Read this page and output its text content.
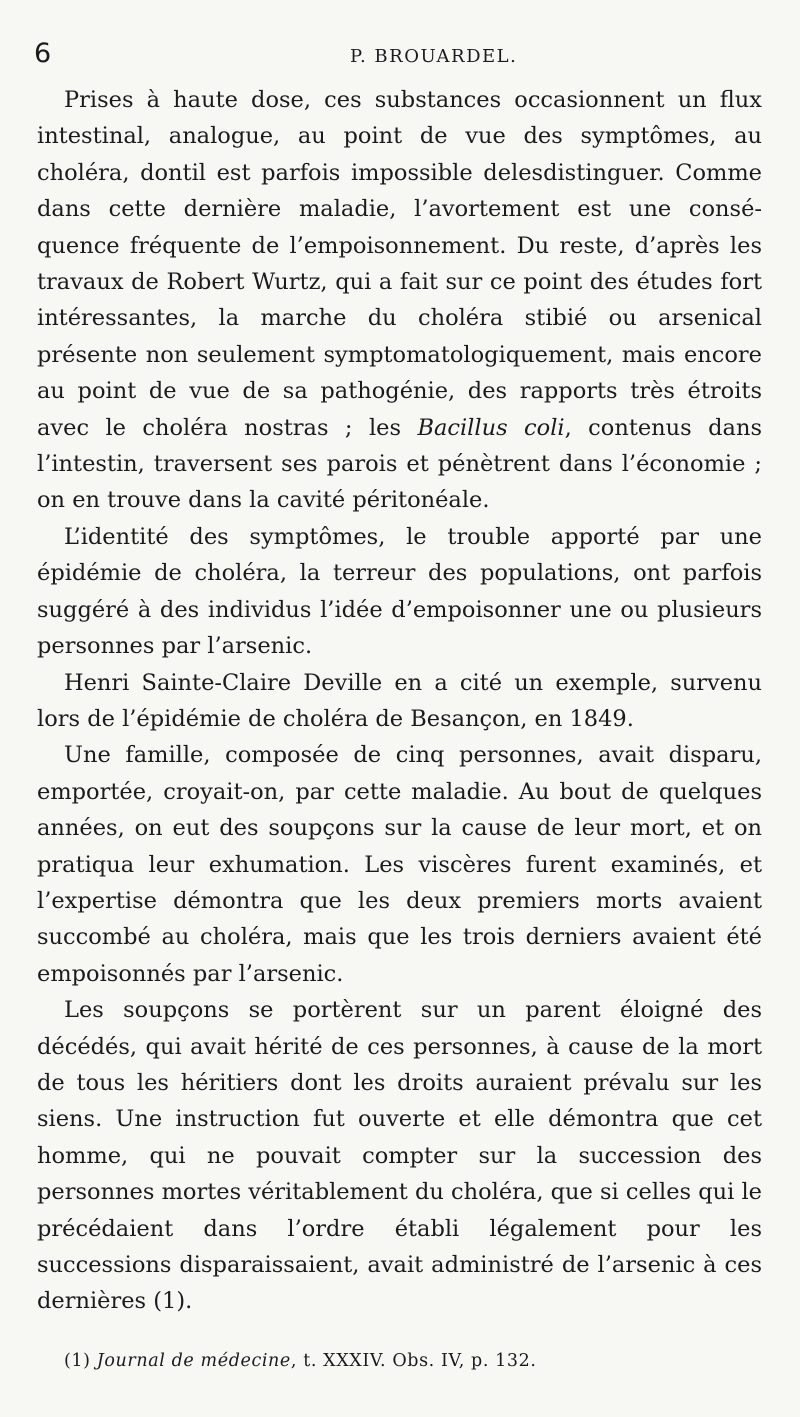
6	P. BROUARDEL.

Prises à haute dose, ces substances occasionnent un flux intestinal, analogue, au point de vue des symptômes, au choléra, dontil est parfois impossible delesdistinguer. Comme dans cette dernière maladie, l’avortement est une conséquence fréquente de l’empoisonnement. Du reste, d’après les travaux de Robert Wurtz, qui a fait sur ce point des études fort intéressantes, la marche du choléra stibié ou arsenical présente non seulement symptomatologiquement, mais encore au point de vue de sa pathogénie, des rapports très étroits avec le choléra nostras ; les Bacillus coli, contenus dans l’intestin, traversent ses parois et pénètrent dans l’économie ; on en trouve dans la cavité péritonéale.

L’identité des symptômes, le trouble apporté par une épidémie de choléra, la terreur des populations, ont parfois suggéré à des individus l’idée d’empoisonner une ou plusieurs personnes par l’arsenic.

Henri Sainte-Claire Deville en a cité un exemple, survenu lors de l’épidémie de choléra de Besançon, en 1849.

Une famille, composée de cinq personnes, avait disparu, emportée, croyait-on, par cette maladie. Au bout de quelques années, on eut des soupçons sur la cause de leur mort, et on pratiqua leur exhumation. Les viscères furent examinés, et l’expertise démontra que les deux premiers morts avaient succombé au choléra, mais que les trois derniers avaient été empoisonnés par l’arsenic.

Les soupçons se portèrent sur un parent éloigné des décédés, qui avait hérité de ces personnes, à cause de la mort de tous les héritiers dont les droits auraient prévalu sur les siens. Une instruction fut ouverte et elle démontra que cet homme, qui ne pouvait compter sur la succession des personnes mortes véritablement du choléra, que si celles qui le précédaient dans l’ordre établi légalement pour les successions disparaissaient, avait administré de l’arsenic à ces dernières (1).

(1) Journal de médecine, t. XXXIV. Obs. IV, p. 132.
